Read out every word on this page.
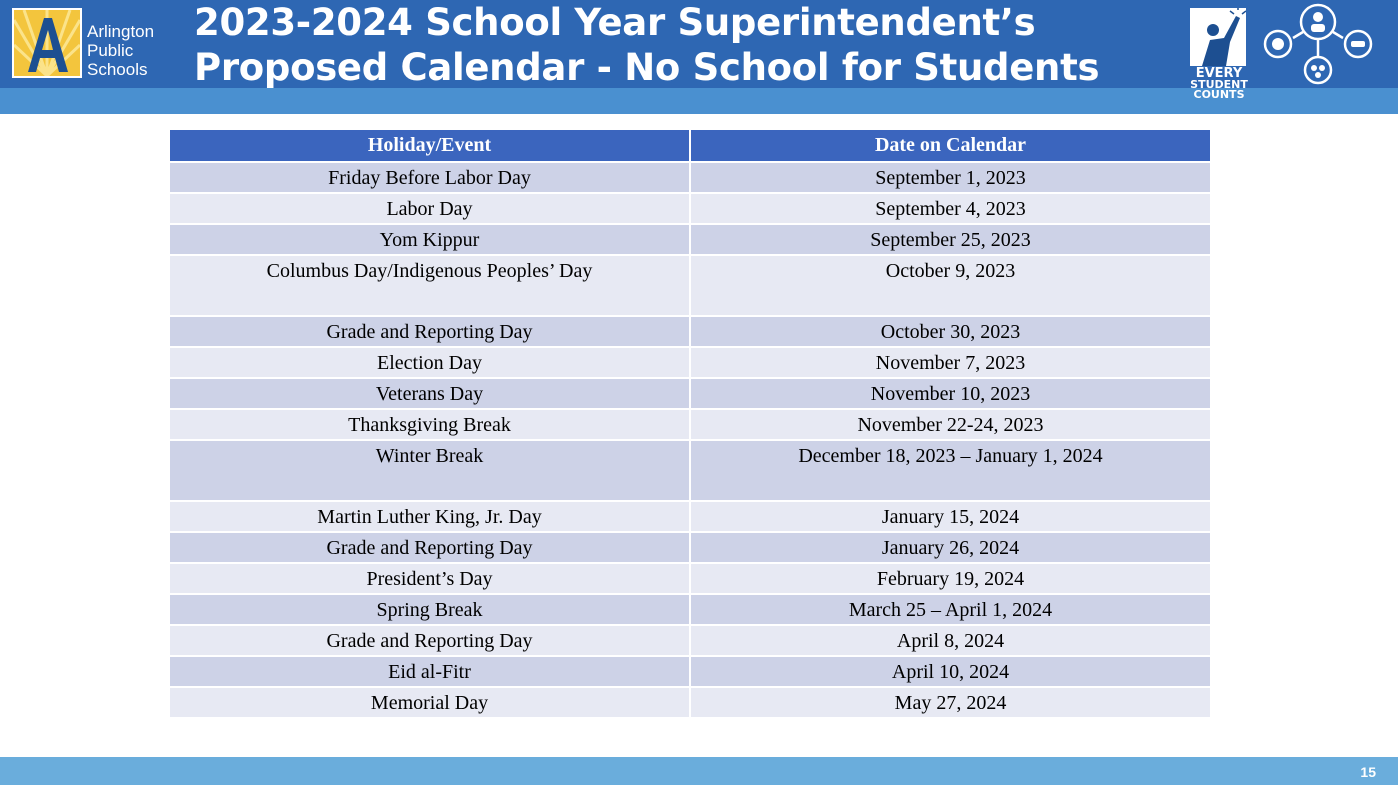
Arlington
Public
Schools
2023-2024 School Year Superintendent’s
Proposed Calendar - No School for Students	EVERY
STUDENT
COUNTS
Holiday/Event	Date on Calendar
Friday Before Labor Day	September 1, 2023
Labor Day	September 4, 2023
Yom Kippur	September 25, 2023
Columbus Day/Indigenous Peoples’ Day	October 9, 2023
Grade and Reporting Day	October 30, 2023
Election Day	November 7, 2023
Veterans Day	November 10, 2023
Thanksgiving Break	November 22-24, 2023
Winter Break	December 18, 2023 – January 1, 2024
Martin Luther King, Jr. Day	January 15, 2024
Grade and Reporting Day	January 26, 2024
President’s Day	February 19, 2024
Spring Break	March 25 – April 1, 2024
Grade and Reporting Day	April 8, 2024
Eid al-Fitr	April 10, 2024
Memorial Day	May 27, 2024
15
